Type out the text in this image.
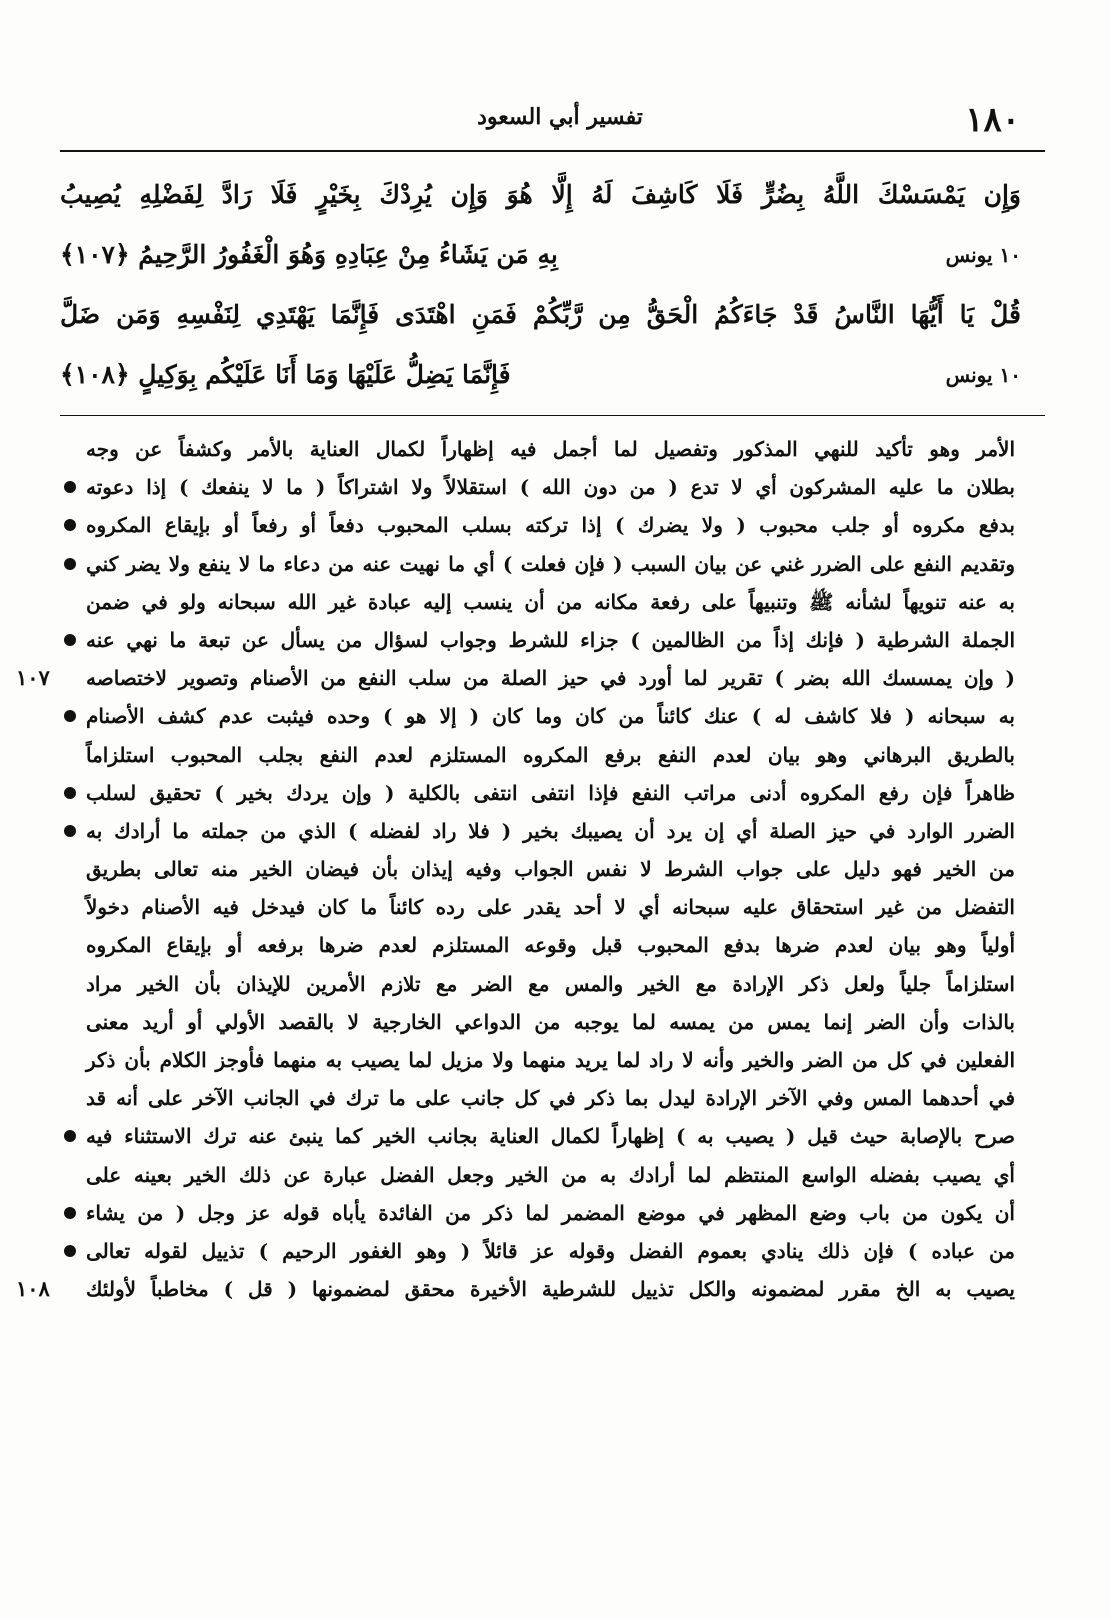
تفسير أبي السعود	١٨٠
وَإِن يَمْسَسْكَ اللَّهُ بِضُرٍّ فَلَا كَاشِفَ لَهُ إِلَّا هُوَ وَإِن يُرِدْكَ بِخَيْرٍ فَلَا رَادَّ لِفَضْلِهِ يُصِيبُ
بِهِ مَن يَشَاءُ مِنْ عِبَادِهِ وَهُوَ الْغَفُورُ الرَّحِيمُ ﴿١٠٧﴾	١٠ يونس
قُلْ يَا أَيُّهَا النَّاسُ قَدْ جَاءَكُمُ الْحَقُّ مِن رَّبِّكُمْ فَمَنِ اهْتَدَى فَإِنَّمَا يَهْتَدِي لِنَفْسِهِ وَمَن ضَلَّ
فَإِنَّمَا يَضِلُّ عَلَيْهَا وَمَا أَنَا عَلَيْكُم بِوَكِيلٍ ﴿١٠٨﴾	١٠ يونس
الأمر وهو تأكيد للنهي المذكور وتفصيل لما أجمل فيه إظهاراً لكمال العناية بالأمر وكشفاً عن وجه
بطلان ما عليه المشركون أي لا تدع ( من دون الله ) استقلالاً ولا اشتراكاً ( ما لا ينفعك ) إذا دعوته
بدفع مكروه أو جلب محبوب ( ولا يضرك ) إذا تركته بسلب المحبوب دفعاً أو رفعاً أو بإيقاع المكروه
وتقديم النفع على الضرر غني عن بيان السبب ( فإن فعلت ) أي ما نهيت عنه من دعاء ما لا ينفع ولا يضر كني
به عنه تنويهاً لشأنه ﷺ وتنبيهاً على رفعة مكانه من أن ينسب إليه عبادة غير الله سبحانه ولو في ضمن
الجملة الشرطية ( فإنك إذاً من الظالمين ) جزاء للشرط وجواب لسؤال من يسأل عن تبعة ما نهي عنه
( وإن يمسسك الله بضر ) تقرير لما أورد في حيز الصلة من سلب النفع من الأصنام وتصوير لاختصاصه
١٠٧
به سبحانه ( فلا كاشف له ) عنك كائناً من كان وما كان ( إلا هو ) وحده فيثبت عدم كشف الأصنام
بالطريق البرهاني وهو بيان لعدم النفع برفع المكروه المستلزم لعدم النفع بجلب المحبوب استلزاماً
ظاهراً فإن رفع المكروه أدنى مراتب النفع فإذا انتفى انتفى بالكلية ( وإن يردك بخير ) تحقيق لسلب
الضرر الوارد في حيز الصلة أي إن يرد أن يصيبك بخير ( فلا راد لفضله ) الذي من جملته ما أرادك به
من الخير فهو دليل على جواب الشرط لا نفس الجواب وفيه إيذان بأن فيضان الخير منه تعالى بطريق
التفضل من غير استحقاق عليه سبحانه أي لا أحد يقدر على رده كائناً ما كان فيدخل فيه الأصنام دخولاً
أولياً وهو بيان لعدم ضرها بدفع المحبوب قبل وقوعه المستلزم لعدم ضرها برفعه أو بإيقاع المكروه
استلزاماً جلياً ولعل ذكر الإرادة مع الخير والمس مع الضر مع تلازم الأمرين للإيذان بأن الخير مراد
بالذات وأن الضر إنما يمس من يمسه لما يوجبه من الدواعي الخارجية لا بالقصد الأولي أو أريد معنى
الفعلين في كل من الضر والخير وأنه لا راد لما يريد منهما ولا مزيل لما يصيب به منهما فأوجز الكلام بأن ذكر
في أحدهما المس وفي الآخر الإرادة ليدل بما ذكر في كل جانب على ما ترك في الجانب الآخر على أنه قد
صرح بالإصابة حيث قيل ( يصيب به ) إظهاراً لكمال العناية بجانب الخير كما ينبئ عنه ترك الاستثناء فيه
أي يصيب بفضله الواسع المنتظم لما أرادك به من الخير وجعل الفضل عبارة عن ذلك الخير بعينه على
أن يكون من باب وضع المظهر في موضع المضمر لما ذكر من الفائدة يأباه قوله عز وجل ( من يشاء
من عباده ) فإن ذلك ينادي بعموم الفضل وقوله عز قائلاً ( وهو الغفور الرحيم ) تذييل لقوله تعالى
يصيب به الخ مقرر لمضمونه والكل تذييل للشرطية الأخيرة محقق لمضمونها ( قل ) مخاطباً لأولئك
١٠٨
